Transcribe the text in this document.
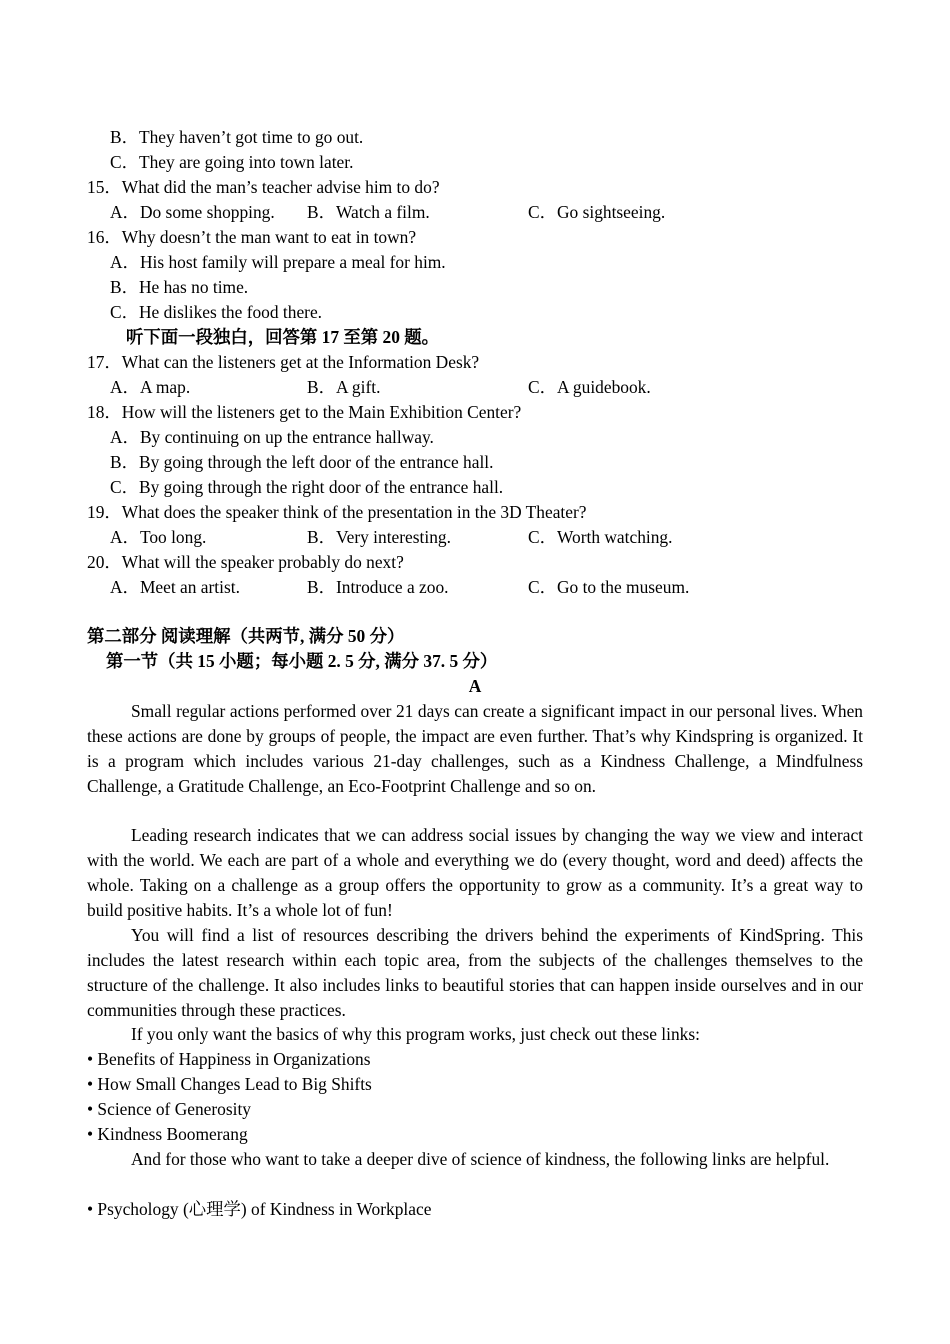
B．They haven’t got time to go out.
C．They are going into town later.
15．What did the man’s teacher advise him to do?
A．Do some shopping. B．Watch a film.	C．Go sightseeing.
16．Why doesn’t the man want to eat in town?
A．His host family will prepare a meal for him.
B．He has no time.
C．He dislikes the food there.
听下面一段独白，回答第 17 至第 20 题。
17．What can the listeners get at the Information Desk?
A．A map.	B．A gift.	C．A guidebook.
18．How will the listeners get to the Main Exhibition Center?
A．By continuing on up the entrance hallway.
B．By going through the left door of the entrance hall.
C．By going through the right door of the entrance hall.
19．What does the speaker think of the presentation in the 3D Theater?
A．Too long.	B．Very interesting.	C．Worth watching.
20．What will the speaker probably do next?
A．Meet an artist.	B．Introduce a zoo.	C．Go to the museum.
第二部分 阅读理解（共两节, 满分 50 分）
第一节（共 15 小题；每小题 2. 5 分, 满分 37. 5 分）
A
Small regular actions performed over 21 days can create a significant impact in our personal lives. When these actions are done by groups of people, the impact are even further. That’s why Kindspring is organized. It is a program which includes various 21-day challenges, such as a Kindness Challenge, a Mindfulness Challenge, a Gratitude Challenge, an Eco-Footprint Challenge and so on.
Leading research indicates that we can address social issues by changing the way we view and interact with the world. We each are part of a whole and everything we do (every thought, word and deed) affects the whole. Taking on a challenge as a group offers the opportunity to grow as a community. It’s a great way to build positive habits. It’s a whole lot of fun!
You will find a list of resources describing the drivers behind the experiments of KindSpring. This includes the latest research within each topic area, from the subjects of the challenges themselves to the structure of the challenge. It also includes links to beautiful stories that can happen inside ourselves and in our communities through these practices.
If you only want the basics of why this program works, just check out these links:
• Benefits of Happiness in Organizations
• How Small Changes Lead to Big Shifts
• Science of Generosity
• Kindness Boomerang
And for those who want to take a deeper dive of science of kindness, the following links are helpful.
• Psychology (心理学) of Kindness in Workplace
